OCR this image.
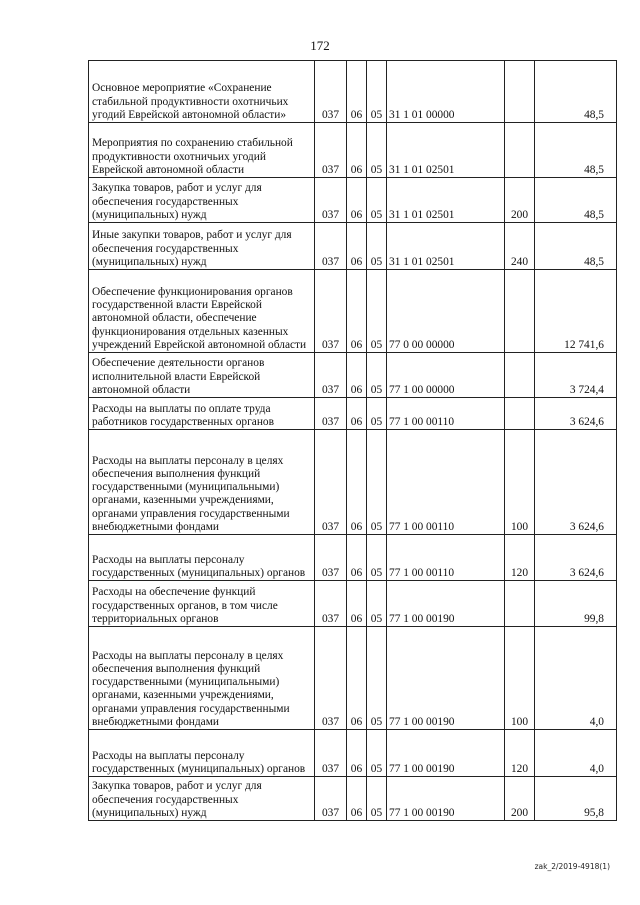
172
Основное мероприятие «Сохранение стабильной продуктивности охотничьих угодий Еврейской автономной области»	037	06	05	31 1 01 00000		48,5
Мероприятия по сохранению стабильной продуктивности охотничьих угодий Еврейской автономной области	037	06	05	31 1 01 02501		48,5
Закупка товаров, работ и услуг для обеспечения государственных (муниципальных) нужд	037	06	05	31 1 01 02501	200	48,5
Иные закупки товаров, работ и услуг для обеспечения государственных (муниципальных) нужд	037	06	05	31 1 01 02501	240	48,5
Обеспечение функционирования органов государственной власти Еврейской автономной области, обеспечение функционирования отдельных казенных учреждений Еврейской автономной области	037	06	05	77 0 00 00000		12 741,6
Обеспечение деятельности органов исполнительной власти Еврейской автономной области	037	06	05	77 1 00 00000		3 724,4
Расходы на выплаты по оплате труда работников государственных органов	037	06	05	77 1 00 00110		3 624,6
Расходы на выплаты персоналу в целях обеспечения выполнения функций государственными (муниципальными) органами, казенными учреждениями, органами управления государственными внебюджетными фондами	037	06	05	77 1 00 00110	100	3 624,6
Расходы на выплаты персоналу государственных (муниципальных) органов	037	06	05	77 1 00 00110	120	3 624,6
Расходы на обеспечение функций государственных органов, в том числе территориальных органов	037	06	05	77 1 00 00190		99,8
Расходы на выплаты персоналу в целях обеспечения выполнения функций государственными (муниципальными) органами, казенными учреждениями, органами управления государственными внебюджетными фондами	037	06	05	77 1 00 00190	100	4,0
Расходы на выплаты персоналу государственных (муниципальных) органов	037	06	05	77 1 00 00190	120	4,0
Закупка товаров, работ и услуг для обеспечения государственных (муниципальных) нужд	037	06	05	77 1 00 00190	200	95,8
zak_2/2019-4918(1)
